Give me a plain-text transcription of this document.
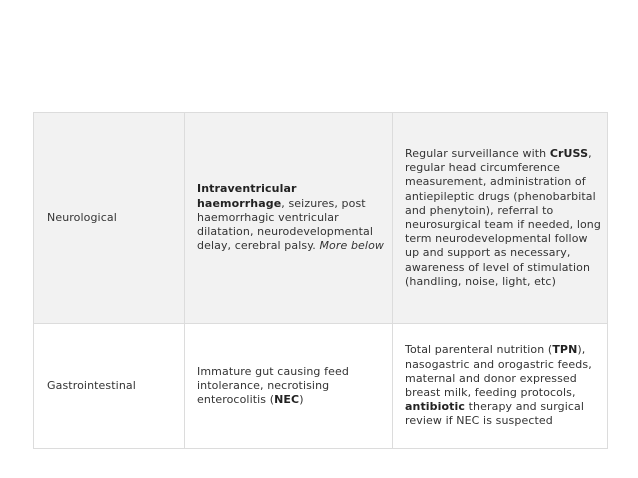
Neurological	Intraventricular haemorrhage, seizures, post haemorrhagic ventricular dilatation, neurodevelopmental delay, cerebral palsy. More below	Regular surveillance with CrUSS, regular head circumference measurement, administration of antiepileptic drugs (phenobarbital and phenytoin), referral to neurosurgical team if needed, long term neurodevelopmental follow up and support as necessary, awareness of level of stimulation (handling, noise, light, etc)

Gastrointestinal	Immature gut causing feed intolerance, necrotising enterocolitis (NEC)	Total parenteral nutrition (TPN), nasogastric and orogastric feeds, maternal and donor expressed breast milk, feeding protocols, antibiotic therapy and surgical review if NEC is suspected
